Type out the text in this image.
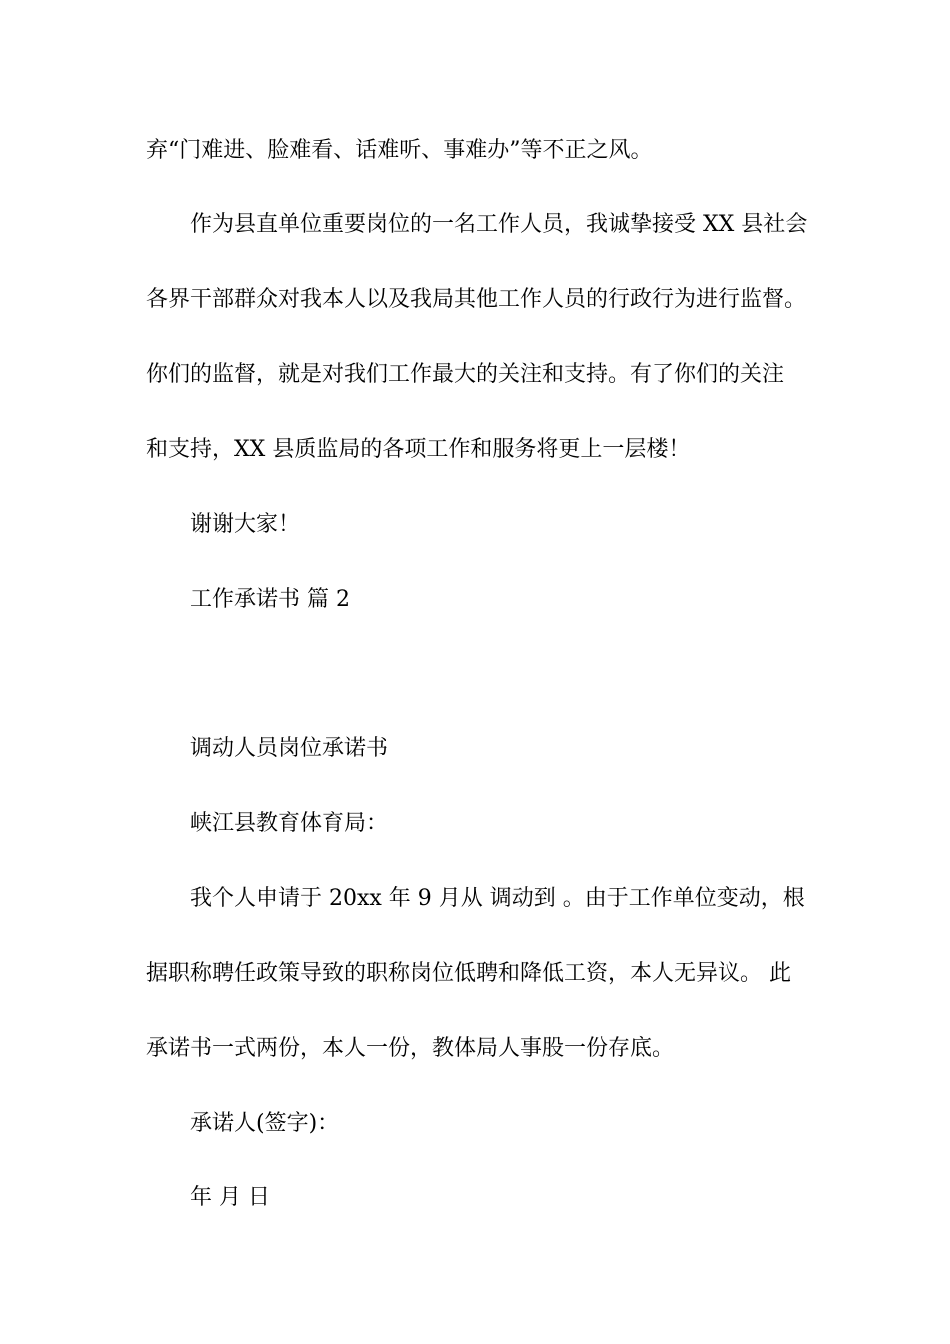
弃“门难进、脸难看、话难听、事难办”等不正之风。
作为县直单位重要岗位的一名工作人员，我诚挚接受 XX 县社会
各界干部群众对我本人以及我局其他工作人员的行政行为进行监督。
你们的监督，就是对我们工作最大的关注和支持。有了你们的关注
和支持，XX 县质监局的各项工作和服务将更上一层楼！
谢谢大家！
工作承诺书 篇 2
调动人员岗位承诺书
峡江县教育体育局：
我个人申请于 20xx 年 9 月从 调动到 。由于工作单位变动，根
据职称聘任政策导致的职称岗位低聘和降低工资，本人无异议。 此
承诺书一式两份，本人一份，教体局人事股一份存底。
承诺人(签字)：
年 月 日
